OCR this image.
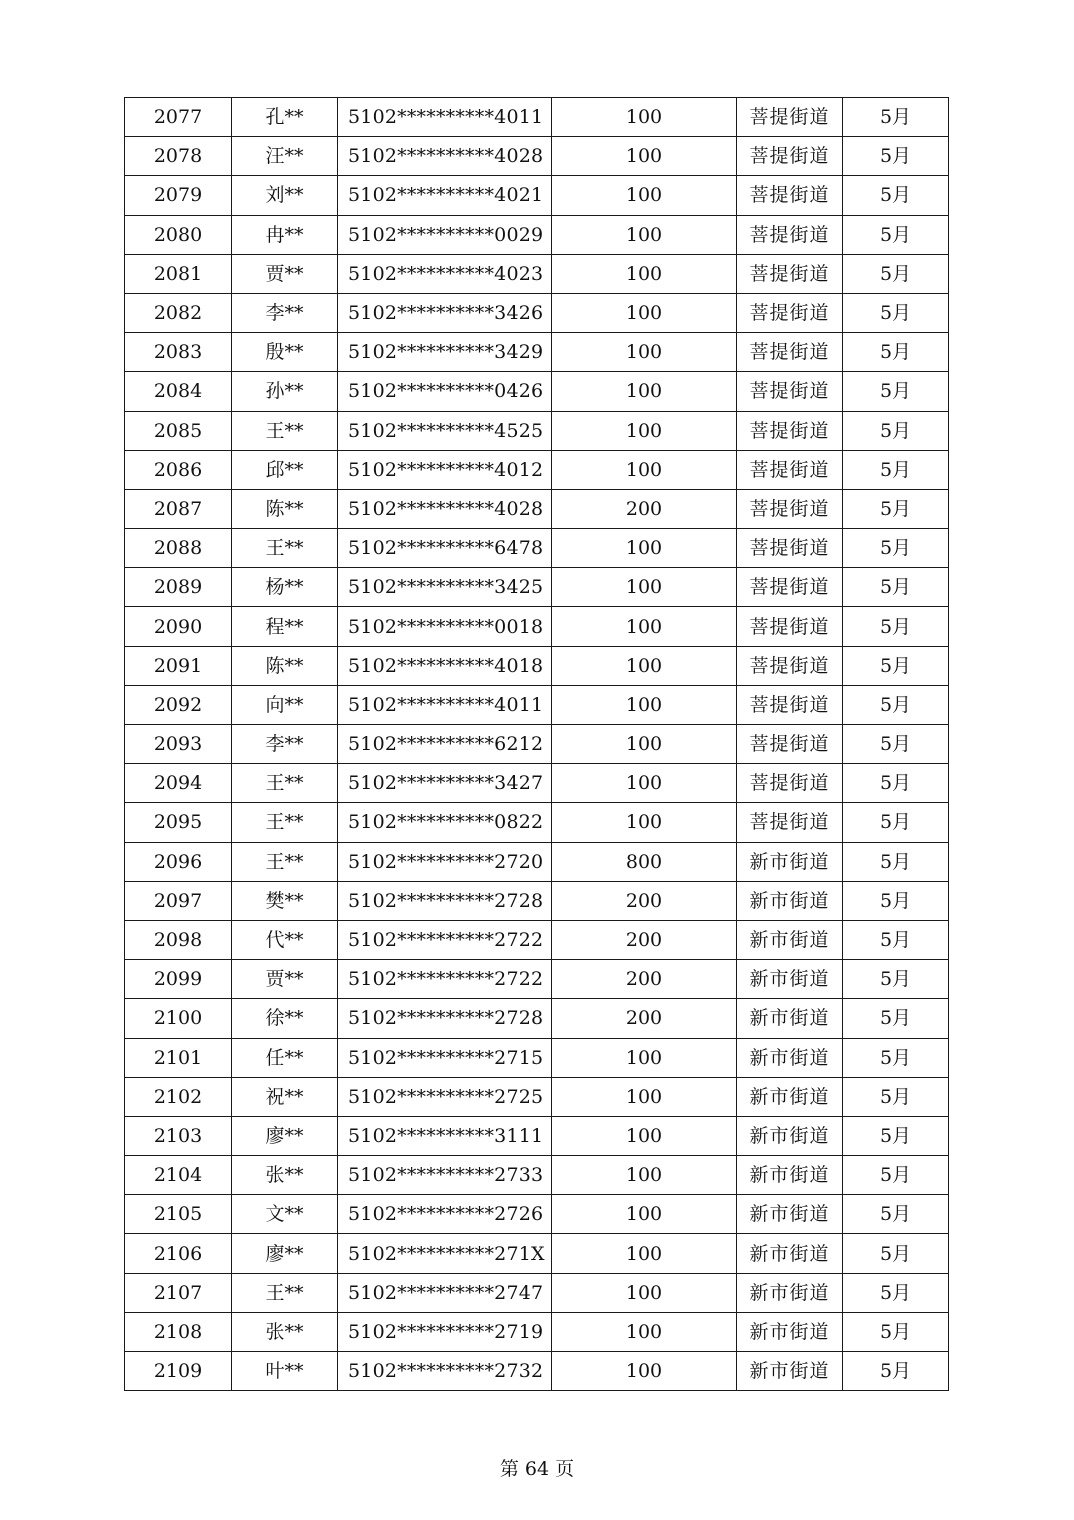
2077	孔**	5102**********4011	100	菩提街道	5月
2078	汪**	5102**********4028	100	菩提街道	5月
2079	刘**	5102**********4021	100	菩提街道	5月
2080	冉**	5102**********0029	100	菩提街道	5月
2081	贾**	5102**********4023	100	菩提街道	5月
2082	李**	5102**********3426	100	菩提街道	5月
2083	殷**	5102**********3429	100	菩提街道	5月
2084	孙**	5102**********0426	100	菩提街道	5月
2085	王**	5102**********4525	100	菩提街道	5月
2086	邱**	5102**********4012	100	菩提街道	5月
2087	陈**	5102**********4028	200	菩提街道	5月
2088	王**	5102**********6478	100	菩提街道	5月
2089	杨**	5102**********3425	100	菩提街道	5月
2090	程**	5102**********0018	100	菩提街道	5月
2091	陈**	5102**********4018	100	菩提街道	5月
2092	向**	5102**********4011	100	菩提街道	5月
2093	李**	5102**********6212	100	菩提街道	5月
2094	王**	5102**********3427	100	菩提街道	5月
2095	王**	5102**********0822	100	菩提街道	5月
2096	王**	5102**********2720	800	新市街道	5月
2097	樊**	5102**********2728	200	新市街道	5月
2098	代**	5102**********2722	200	新市街道	5月
2099	贾**	5102**********2722	200	新市街道	5月
2100	徐**	5102**********2728	200	新市街道	5月
2101	任**	5102**********2715	100	新市街道	5月
2102	祝**	5102**********2725	100	新市街道	5月
2103	廖**	5102**********3111	100	新市街道	5月
2104	张**	5102**********2733	100	新市街道	5月
2105	文**	5102**********2726	100	新市街道	5月
2106	廖**	5102**********271X	100	新市街道	5月
2107	王**	5102**********2747	100	新市街道	5月
2108	张**	5102**********2719	100	新市街道	5月
2109	叶**	5102**********2732	100	新市街道	5月
第 64 页
